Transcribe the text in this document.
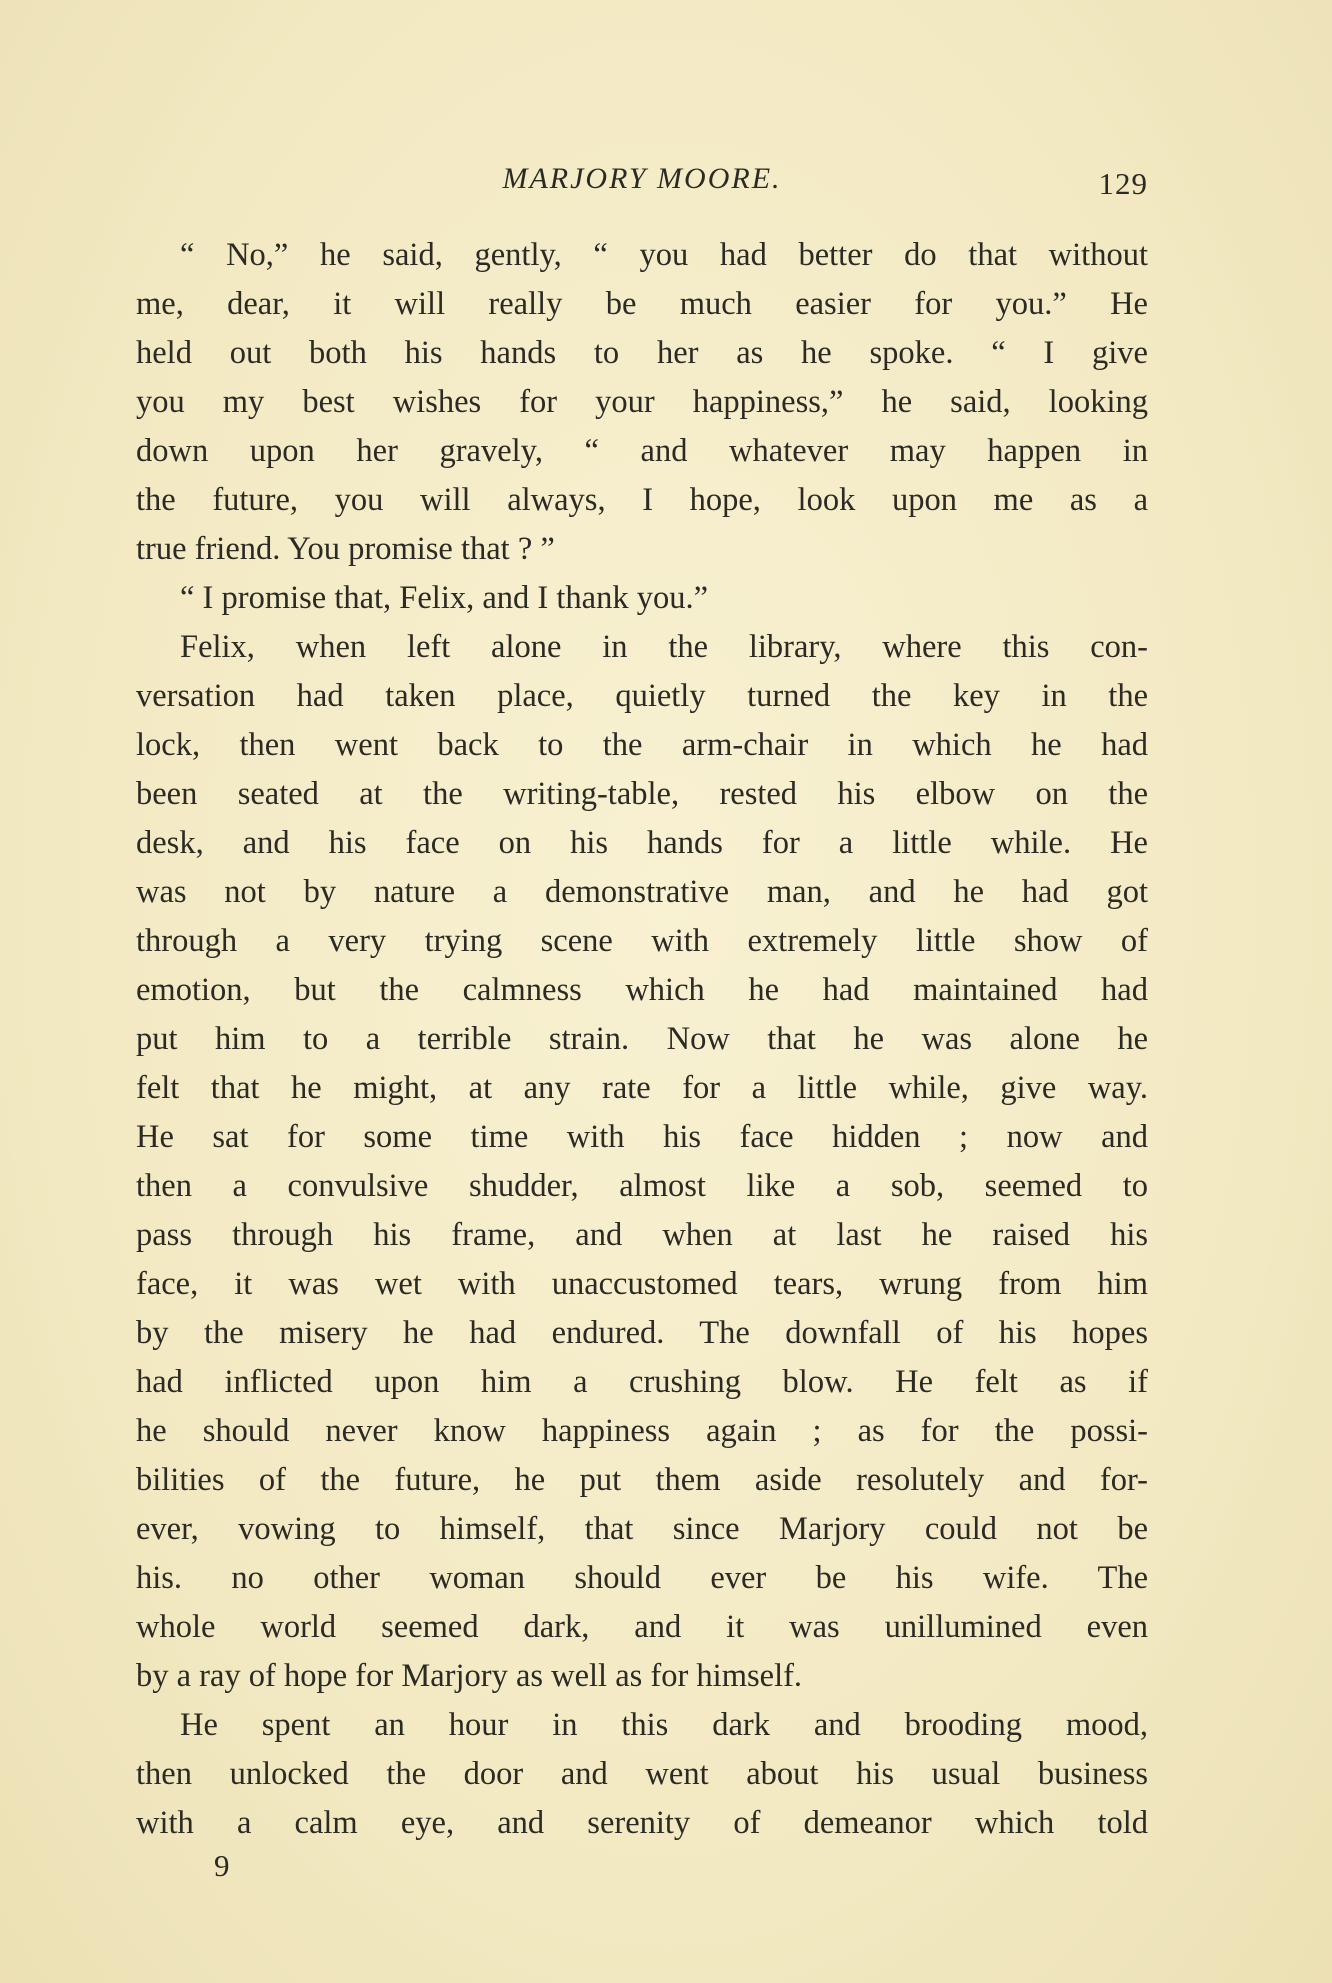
MARJORY MOORE.	129

“ No,” he said, gently, “ you had better do that without

me, dear, it will really be much easier for you.” He

held out both his hands to her as he spoke. “ I give

you my best wishes for your happiness,” he said, looking

down upon her gravely, “ and whatever may happen in

the future, you will always, I hope, look upon me as a

true friend. You promise that ? ”

“ I promise that, Felix, and I thank you.”

Felix, when left alone in the library, where this con-

versation had taken place, quietly turned the key in the

lock, then went back to the arm-chair in which he had

been seated at the writing-table, rested his elbow on the

desk, and his face on his hands for a little while. He

was not by nature a demonstrative man, and he had got

through a very trying scene with extremely little show of

emotion, but the calmness which he had maintained had

put him to a terrible strain. Now that he was alone he

felt that he might, at any rate for a little while, give way.

He sat for some time with his face hidden ; now and

then a convulsive shudder, almost like a sob, seemed to

pass through his frame, and when at last he raised his

face, it was wet with unaccustomed tears, wrung from him

by the misery he had endured. The downfall of his hopes

had inflicted upon him a crushing blow. He felt as if

he should never know happiness again ; as for the possi-

bilities of the future, he put them aside resolutely and for-

ever, vowing to himself, that since Marjory could not be

his. no other woman should ever be his wife. The

whole world seemed dark, and it was unillumined even

by a ray of hope for Marjory as well as for himself.

He spent an hour in this dark and brooding mood,

then unlocked the door and went about his usual business

with a calm eye, and serenity of demeanor which told

9
